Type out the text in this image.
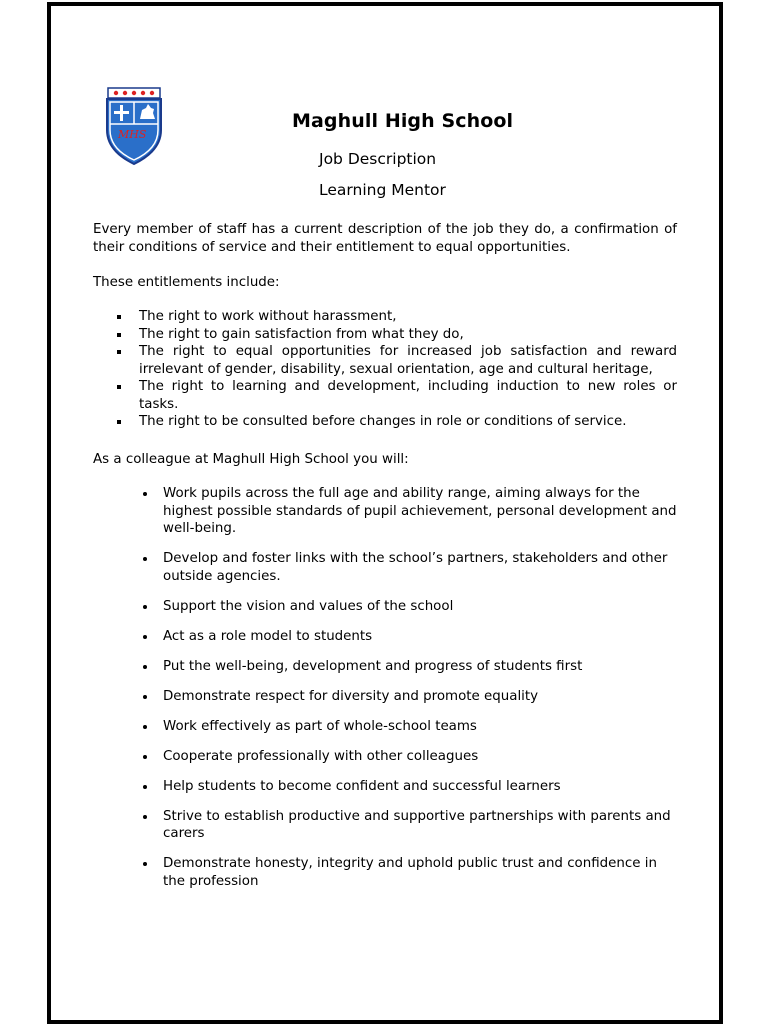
MHS
Maghull High School
Job Description
Learning Mentor
Every member of staff has a current description of the job they do, a confirmation of their conditions of service and their entitlement to equal opportunities.
These entitlements include:
The right to work without harassment,
The right to gain satisfaction from what they do,
The right to equal opportunities for increased job satisfaction and reward irrelevant of gender, disability, sexual orientation, age and cultural heritage,
The right to learning and development, including induction to new roles or tasks.
The right to be consulted before changes in role or conditions of service.
As a colleague at Maghull High School you will:
Work pupils across the full age and ability range, aiming always for the highest possible standards of pupil achievement, personal development and well-being.
Develop and foster links with the school’s partners, stakeholders and other outside agencies.
Support the vision and values of the school
Act as a role model to students
Put the well-being, development and progress of students first
Demonstrate respect for diversity and promote equality
Work effectively as part of whole-school teams
Cooperate professionally with other colleagues
Help students to become confident and successful learners
Strive to establish productive and supportive partnerships with parents and carers
Demonstrate honesty, integrity and uphold public trust and confidence in the profession
